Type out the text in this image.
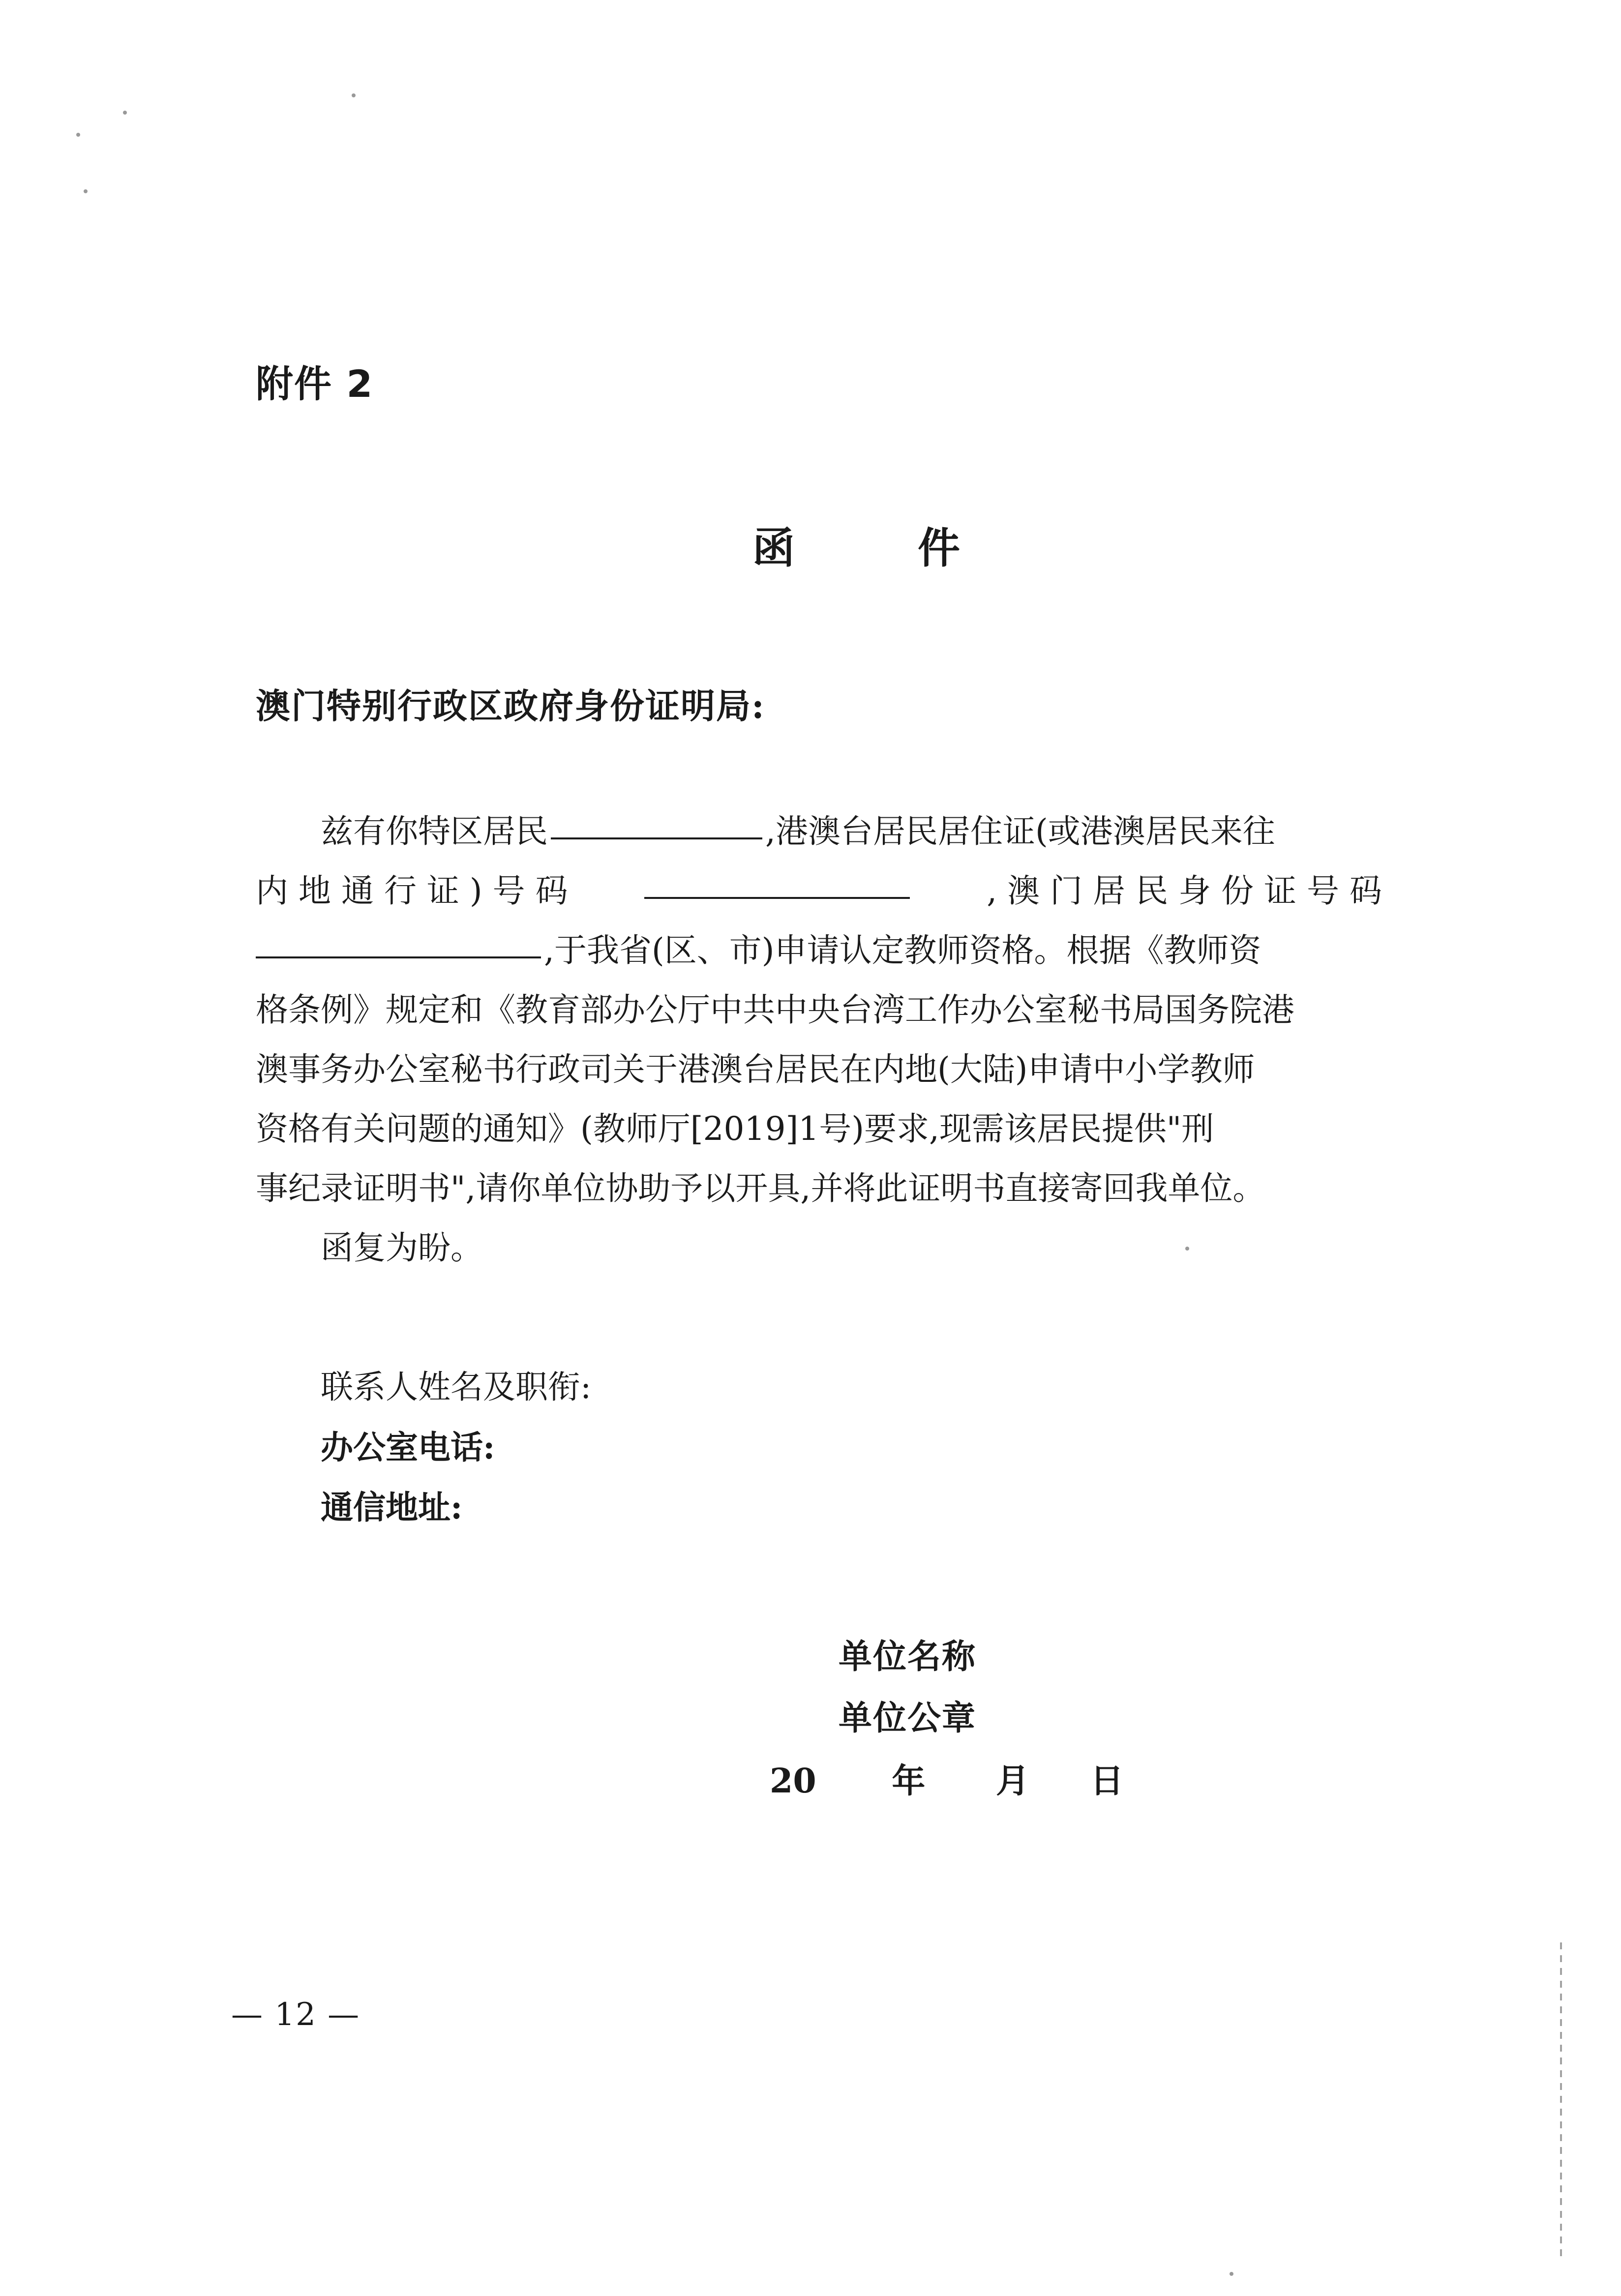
附件 2
函 件
澳门特别行政区政府身份证明局:
兹有你特区居民	,港澳台居民居住证(或港澳居民来往
内 地 通 行 证 ) 号 码	, 澳 门 居 民 身 份 证 号 码
,于我省(区、市)申请认定教师资格。根据《教师资
格条例》规定和《教育部办公厅中共中央台湾工作办公室秘书局国务院港
澳事务办公室秘书行政司关于港澳台居民在内地(大陆)申请中小学教师
资格有关问题的通知》(教师厅[2019]1号)要求,现需该居民提供"刑
事纪录证明书",请你单位协助予以开具,并将此证明书直接寄回我单位。
函复为盼。
联系人姓名及职衔:
办公室电话:
通信地址:
单位名称
单位公章
20 年 月 日
— 12 —
